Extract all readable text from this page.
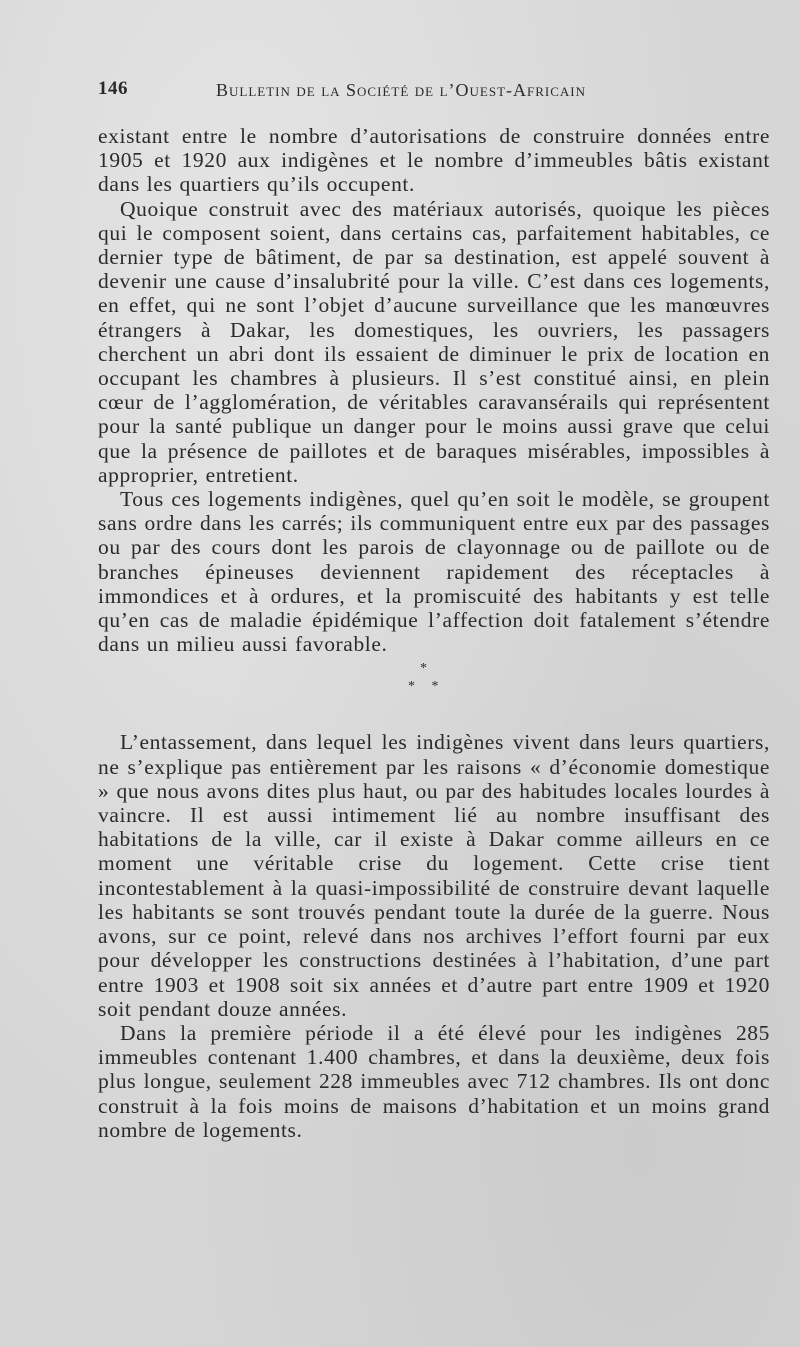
146	Bulletin de la Société de l’Ouest-Africain

existant entre le nombre d’autorisations de construire données entre 1905 et 1920 aux indigènes et le nombre d’immeubles bâtis existant dans les quartiers qu’ils occupent.

Quoique construit avec des matériaux autorisés, quoique les pièces qui le composent soient, dans certains cas, parfaitement habitables, ce dernier type de bâtiment, de par sa destination, est appelé souvent à devenir une cause d’insalubrité pour la ville. C’est dans ces logements, en effet, qui ne sont l’objet d’aucune surveillance que les manœuvres étrangers à Dakar, les domestiques, les ouvriers, les passagers cherchent un abri dont ils essaient de diminuer le prix de location en occupant les chambres à plusieurs. Il s’est constitué ainsi, en plein cœur de l’agglomération, de véritables caravansérails qui représentent pour la santé publique un danger pour le moins aussi grave que celui que la présence de paillotes et de baraques misérables, impossibles à approprier, entretient.

Tous ces logements indigènes, quel qu’en soit le modèle, se groupent sans ordre dans les carrés; ils communiquent entre eux par des passages ou par des cours dont les parois de clayonnage ou de paillote ou de branches épineuses deviennent rapidement des réceptacles à immondices et à ordures, et la promiscuité des habitants y est telle qu’en cas de maladie épidémique l’affection doit fatalement s’étendre dans un milieu aussi favorable.

*
* *

L’entassement, dans lequel les indigènes vivent dans leurs quartiers, ne s’explique pas entièrement par les raisons « d’économie domestique » que nous avons dites plus haut, ou par des habitudes locales lourdes à vaincre. Il est aussi intimement lié au nombre insuffisant des habitations de la ville, car il existe à Dakar comme ailleurs en ce moment une véritable crise du logement. Cette crise tient incontestablement à la quasi-impossibilité de construire devant laquelle les habitants se sont trouvés pendant toute la durée de la guerre. Nous avons, sur ce point, relevé dans nos archives l’effort fourni par eux pour développer les constructions destinées à l’habitation, d’une part entre 1903 et 1908 soit six années et d’autre part entre 1909 et 1920 soit pendant douze années.

Dans la première période il a été élevé pour les indigènes 285 immeubles contenant 1.400 chambres, et dans la deuxième, deux fois plus longue, seulement 228 immeubles avec 712 chambres. Ils ont donc construit à la fois moins de maisons d’habitation et un moins grand nombre de logements.
